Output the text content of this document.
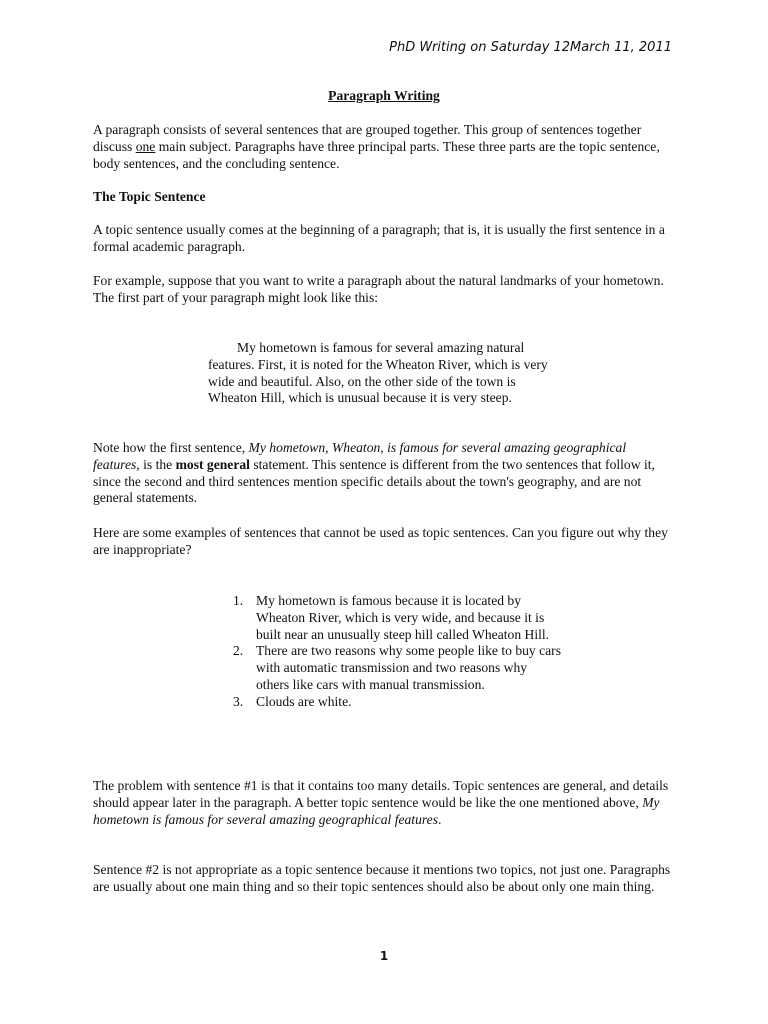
PhD Writing on Saturday 12March 11, 2011
Paragraph Writing

A paragraph consists of several sentences that are grouped together. This group of sentences together discuss one main subject. Paragraphs have three principal parts. These three parts are the topic sentence, body sentences, and the concluding sentence.

The Topic Sentence

A topic sentence usually comes at the beginning of a paragraph; that is, it is usually the first sentence in a formal academic paragraph.

For example, suppose that you want to write a paragraph about the natural landmarks of your hometown. The first part of your paragraph might look like this:

My hometown is famous for several amazing natural features. First, it is noted for the Wheaton River, which is very wide and beautiful. Also, on the other side of the town is Wheaton Hill, which is unusual because it is very steep.

Note how the first sentence, My hometown, Wheaton, is famous for several amazing geographical features, is the most general statement. This sentence is different from the two sentences that follow it, since the second and third sentences mention specific details about the town's geography, and are not general statements.

Here are some examples of sentences that cannot be used as topic sentences. Can you figure out why they are inappropriate?

1. My hometown is famous because it is located by Wheaton River, which is very wide, and because it is built near an unusually steep hill called Wheaton Hill.
2. There are two reasons why some people like to buy cars with automatic transmission and two reasons why others like cars with manual transmission.
3. Clouds are white.

The problem with sentence #1 is that it contains too many details. Topic sentences are general, and details should appear later in the paragraph. A better topic sentence would be like the one mentioned above, My hometown is famous for several amazing geographical features.

Sentence #2 is not appropriate as a topic sentence because it mentions two topics, not just one. Paragraphs are usually about one main thing and so their topic sentences should also be about only one main thing.

1
